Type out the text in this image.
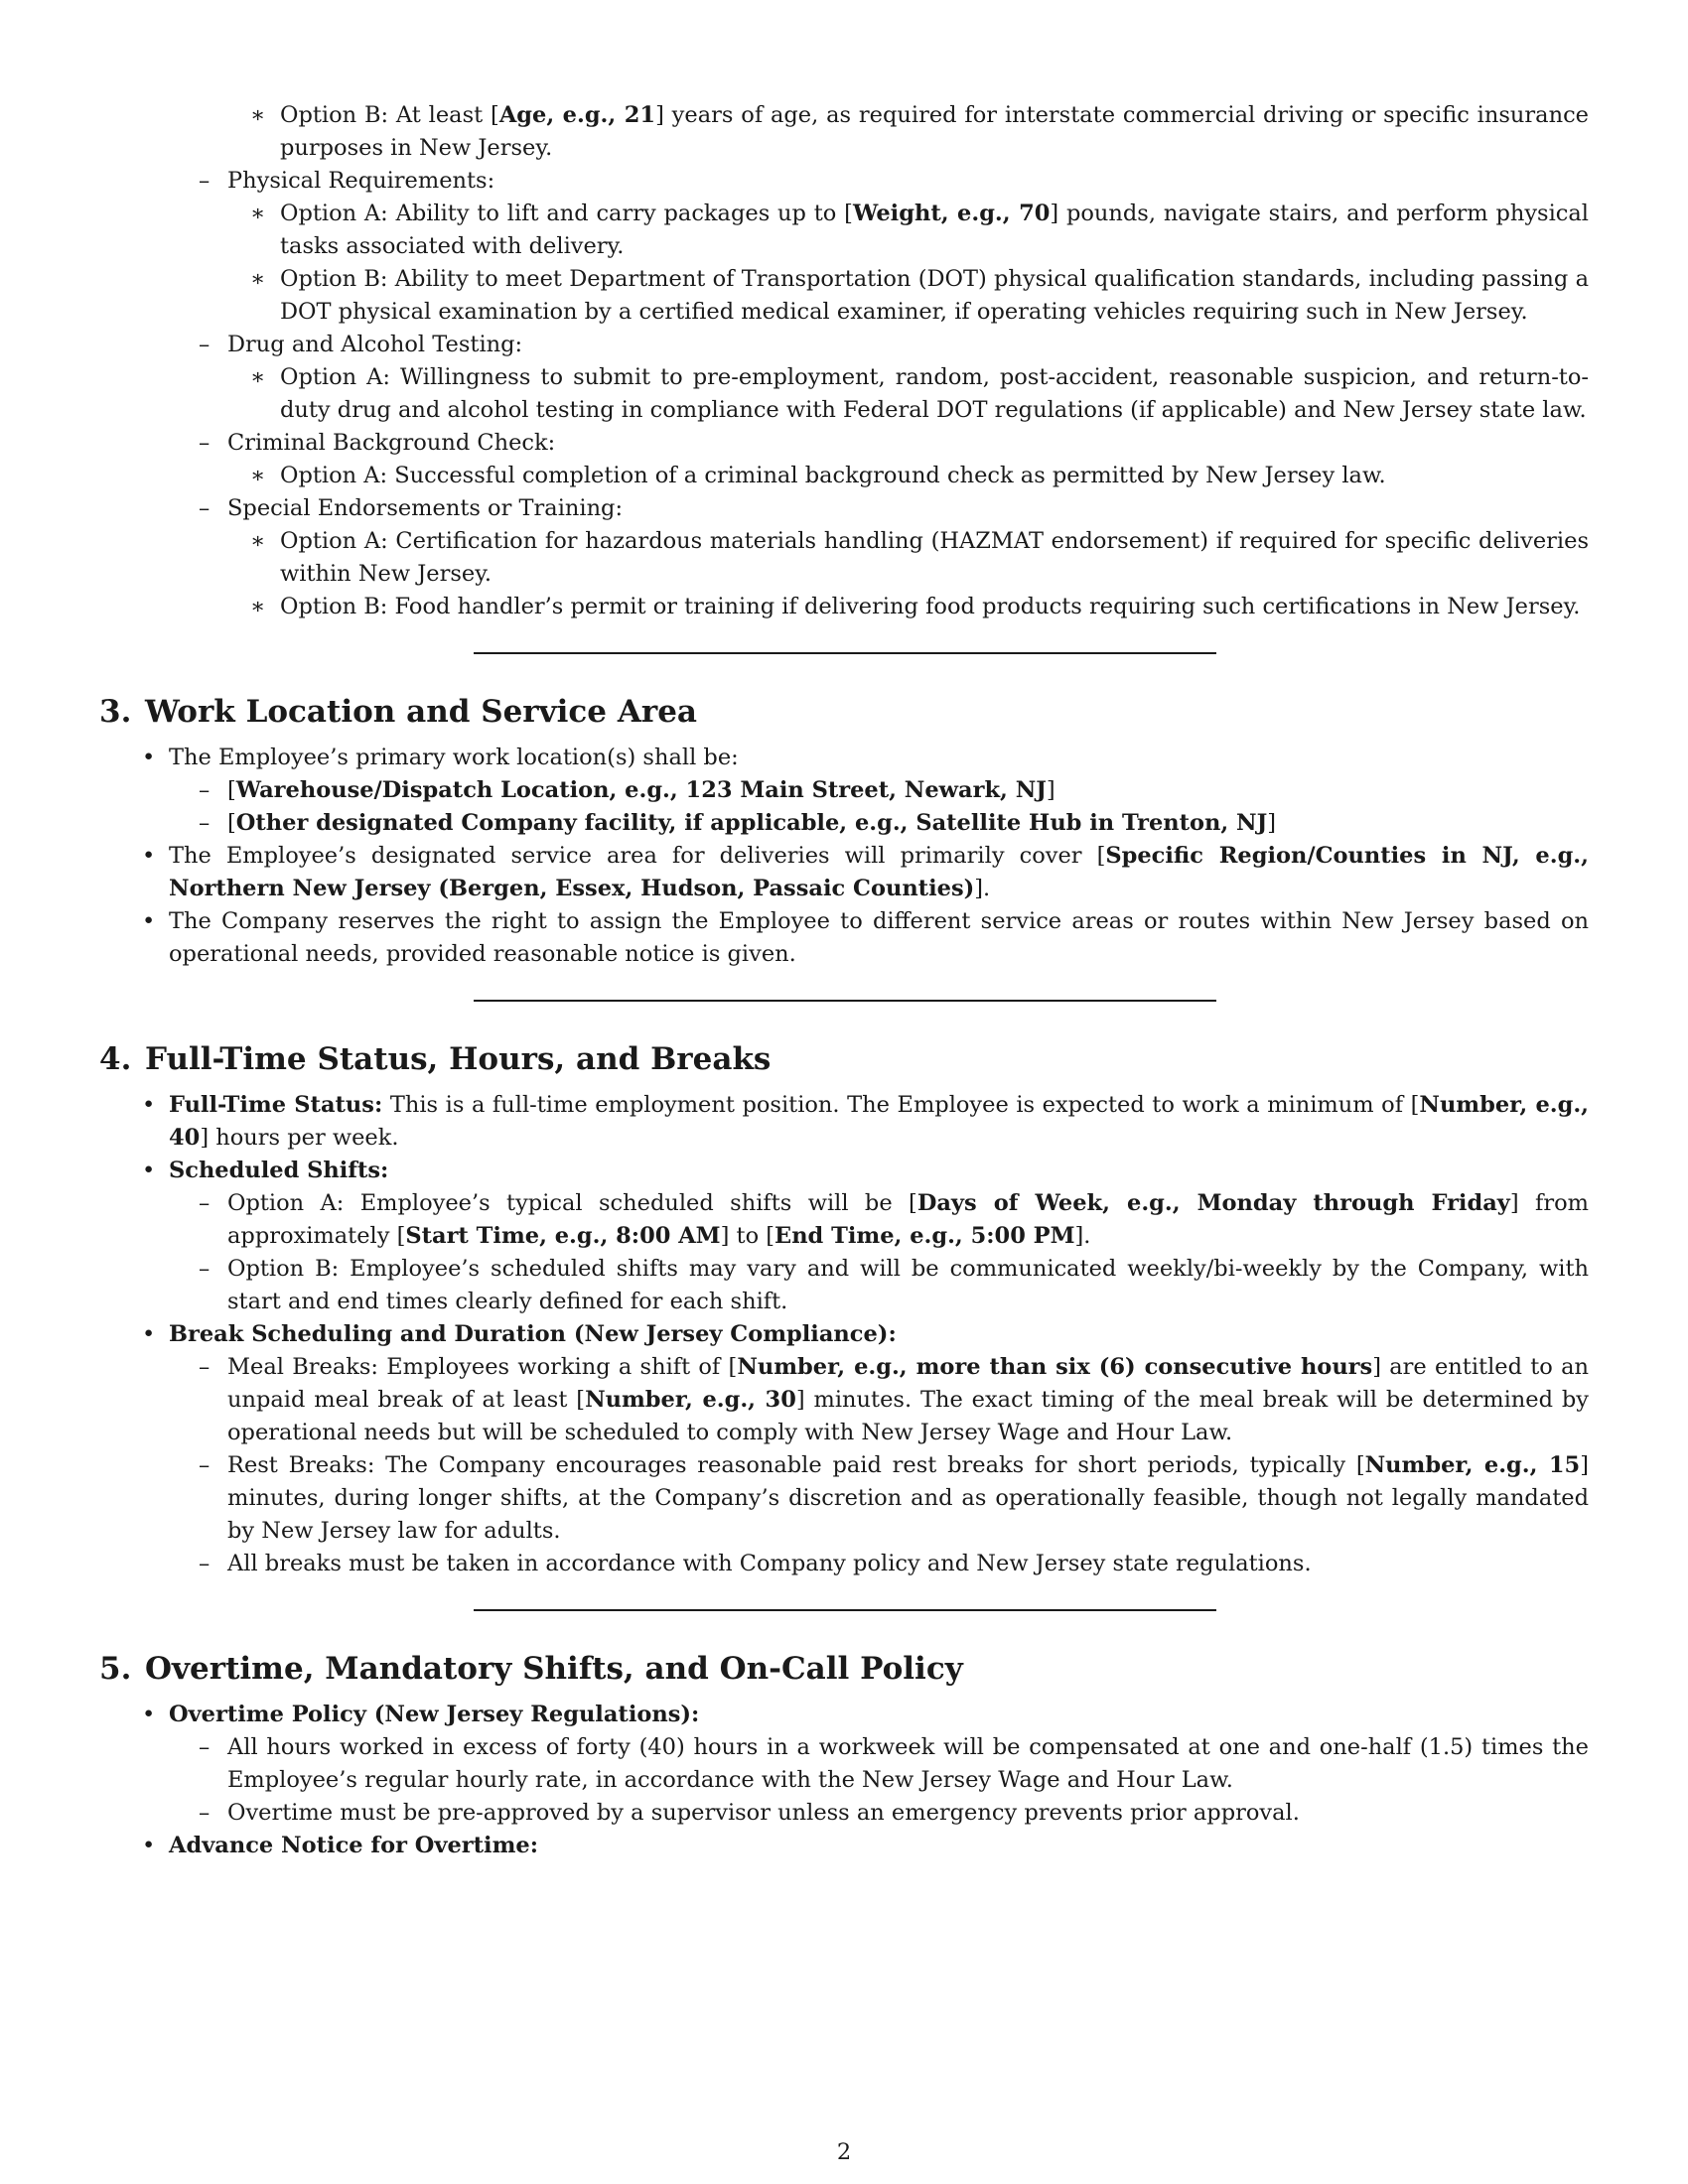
∗ Option B: At least [Age, e.g., 21] years of age, as required for interstate commercial driving or specific insurance purposes in New Jersey.
– Physical Requirements:
∗ Option A: Ability to lift and carry packages up to [Weight, e.g., 70] pounds, navigate stairs, and perform physical tasks associated with delivery.
∗ Option B: Ability to meet Department of Transportation (DOT) physical qualification standards, including passing a DOT physical examination by a certified medical examiner, if operating vehicles requiring such in New Jersey.
– Drug and Alcohol Testing:
∗ Option A: Willingness to submit to pre-employment, random, post-accident, reasonable suspicion, and return-to-duty drug and alcohol testing in compliance with Federal DOT regulations (if applicable) and New Jersey state law.
– Criminal Background Check:
∗ Option A: Successful completion of a criminal background check as permitted by New Jersey law.
– Special Endorsements or Training:
∗ Option A: Certification for hazardous materials handling (HAZMAT endorsement) if required for specific deliveries within New Jersey.
∗ Option B: Food handler’s permit or training if delivering food products requiring such certifications in New Jersey.
3. Work Location and Service Area
• The Employee’s primary work location(s) shall be:
– [Warehouse/Dispatch Location, e.g., 123 Main Street, Newark, NJ]
– [Other designated Company facility, if applicable, e.g., Satellite Hub in Trenton, NJ]
• The Employee’s designated service area for deliveries will primarily cover [Specific Region/Counties in NJ, e.g., Northern New Jersey (Bergen, Essex, Hudson, Passaic Counties)].
• The Company reserves the right to assign the Employee to different service areas or routes within New Jersey based on operational needs, provided reasonable notice is given.
4. Full-Time Status, Hours, and Breaks
• Full-Time Status: This is a full-time employment position. The Employee is expected to work a minimum of [Number, e.g., 40] hours per week.
• Scheduled Shifts:
– Option A: Employee’s typical scheduled shifts will be [Days of Week, e.g., Monday through Friday] from approximately [Start Time, e.g., 8:00 AM] to [End Time, e.g., 5:00 PM].
– Option B: Employee’s scheduled shifts may vary and will be communicated weekly/bi-weekly by the Company, with start and end times clearly defined for each shift.
• Break Scheduling and Duration (New Jersey Compliance):
– Meal Breaks: Employees working a shift of [Number, e.g., more than six (6) consecutive hours] are entitled to an unpaid meal break of at least [Number, e.g., 30] minutes. The exact timing of the meal break will be determined by operational needs but will be scheduled to comply with New Jersey Wage and Hour Law.
– Rest Breaks: The Company encourages reasonable paid rest breaks for short periods, typically [Number, e.g., 15] minutes, during longer shifts, at the Company’s discretion and as operationally feasible, though not legally mandated by New Jersey law for adults.
– All breaks must be taken in accordance with Company policy and New Jersey state regulations.
5. Overtime, Mandatory Shifts, and On-Call Policy
• Overtime Policy (New Jersey Regulations):
– All hours worked in excess of forty (40) hours in a workweek will be compensated at one and one-half (1.5) times the Employee’s regular hourly rate, in accordance with the New Jersey Wage and Hour Law.
– Overtime must be pre-approved by a supervisor unless an emergency prevents prior approval.
• Advance Notice for Overtime:
2
